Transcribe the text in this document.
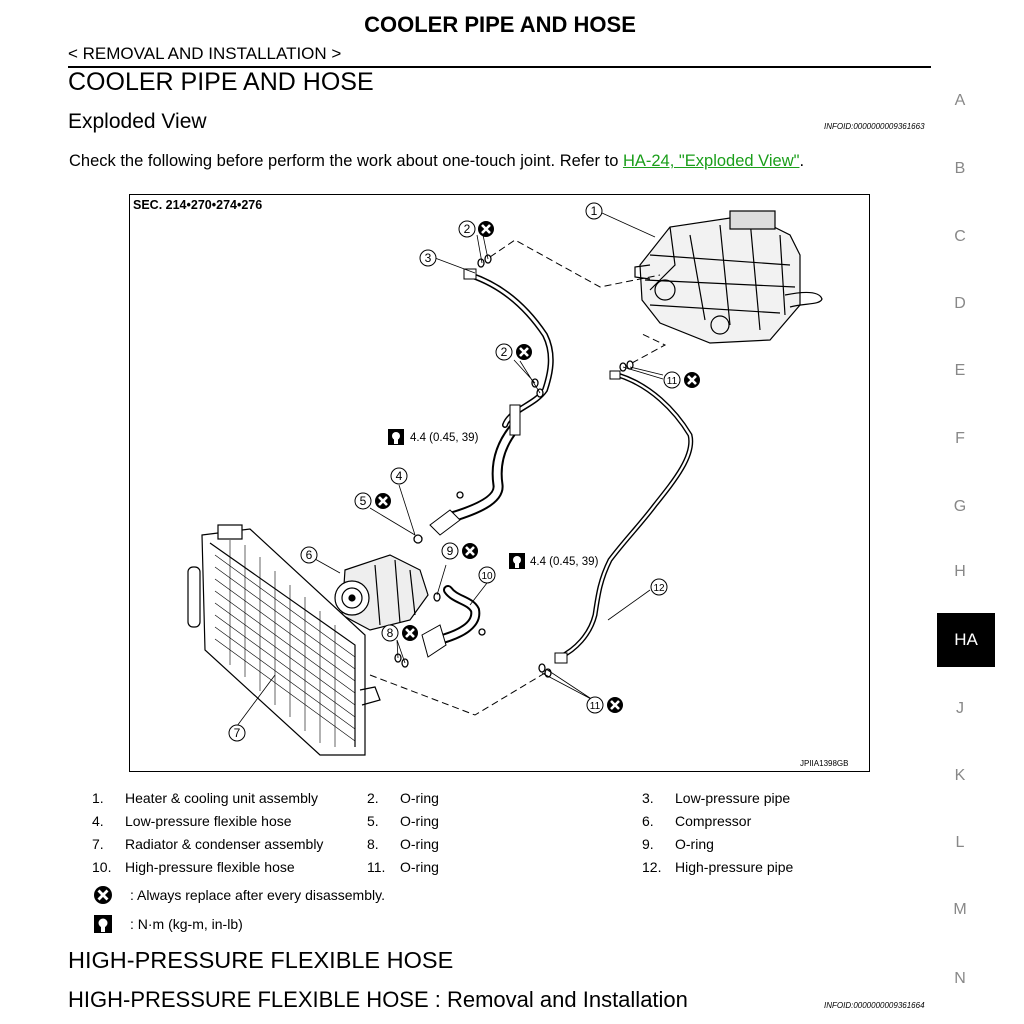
COOLER PIPE AND HOSE
< REMOVAL AND INSTALLATION >
COOLER PIPE AND HOSE
Exploded View	INFOID:0000000009361663
Check the following before perform the work about one-touch joint. Refer to HA-24, "Exploded View".
SEC. 214•270•274•276	1
2
3
2
11
4.4 (0.45, 39)
4
5
6	9
4.4 (0.45, 39)
10
8
12
7
11
JPIIA1398GB
1. Heater & cooling unit assembly	2. O-ring	3. Low-pressure pipe
4. Low-pressure flexible hose	5. O-ring	6. Compressor
7. Radiator & condenser assembly	8. O-ring	9. O-ring
10. High-pressure flexible hose	11. O-ring	12. High-pressure pipe
: Always replace after every disassembly.
: N·m (kg-m, in-lb)
HIGH-PRESSURE FLEXIBLE HOSE
HIGH-PRESSURE FLEXIBLE HOSE : Removal and Installation	INFOID:0000000009361664
A
B
C
D
E
F
G
H
J
K
L
M
N
HA
